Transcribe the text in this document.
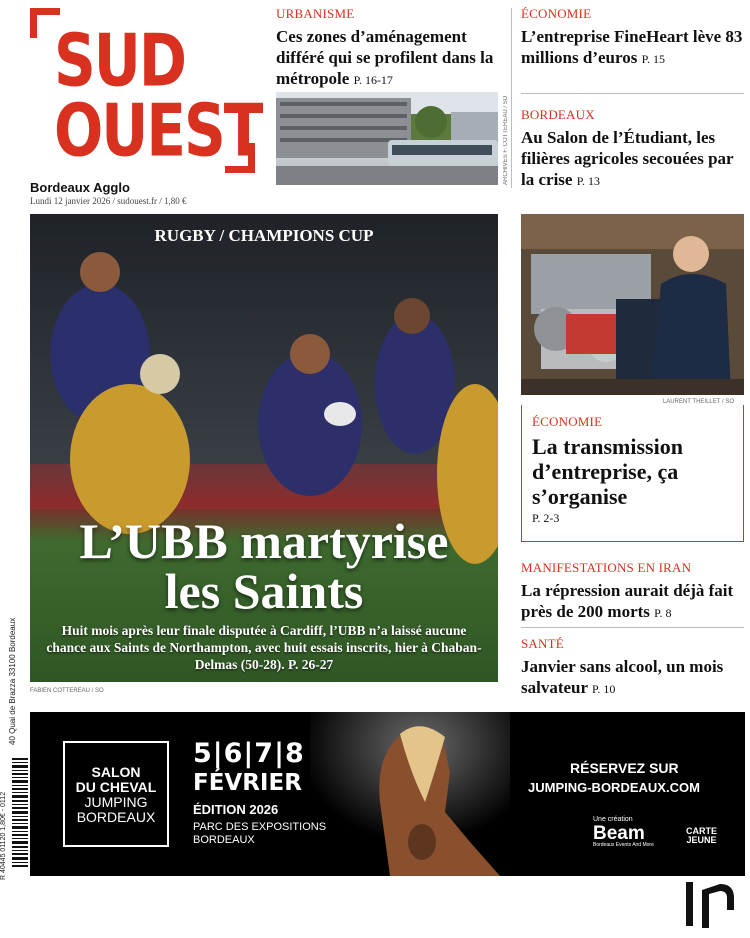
SUD
OUEST
Bordeaux Agglo
Lundi 12 janvier 2026 / sudouest.fr / 1,80 €
URBANISME
Ces zones d’aménagement différé qui se profilent dans la métropole P. 16-17
ARCHIVES F. COTTEREAU / SO
ÉCONOMIE
L’entreprise FineHeart lève 83 millions d’euros P. 15
BORDEAUX
Au Salon de l’Étudiant, les filières agricoles secouées par la crise P. 13
RUGBY / CHAMPIONS CUP
L’UBB martyrise
les Saints
Huit mois après leur finale disputée à Cardiff, l’UBB n’a laissé aucune chance aux Saints de Northampton, avec huit essais inscrits, hier à Chaban-Delmas (50-28). P. 26-27
FABIEN COTTEREAU / SO
LAURENT THEILLET / SO
ÉCONOMIE
La transmission d’entreprise, ça s’organise
P. 2-3
MANIFESTATIONS EN IRAN
La répression aurait déjà fait près de 200 morts P. 8
SANTÉ
Janvier sans alcool, un mois salvateur P. 10
SALON
DU CHEVAL
JUMPING
BORDEAUX
5|6|7|8
FÉVRIER
ÉDITION 2026
PARC DES EXPOSITIONS
BORDEAUX
RÉSERVEZ SUR
JUMPING-BORDEAUX.COM
Une création
Beam
Bordeaux Events And More
CARTE
JEUNE
40 Quai de Brazza 33100 Bordeaux
R 40445 01120 1,80€ - 0112
